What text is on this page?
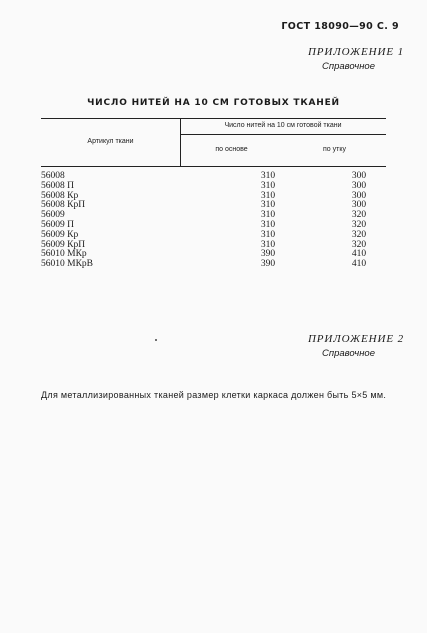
ГОСТ 18090—90 С. 9
ПРИЛОЖЕНИЕ 1
Справочное
ЧИСЛО НИТЕЙ НА 10 СМ ГОТОВЫХ ТКАНЕЙ
Артикул ткани
Число нитей на 10 см готовой ткани
по основе	по утку
56008	310	300
56008 П	310	300
56008 Кр	310	300
56008 КрП	310	300
56009	310	320
56009 П	310	320
56009 Кр	310	320
56009 КрП	310	320
56010 МКр	390	410
56010 МКрВ	390	410
ПРИЛОЖЕНИЕ 2
Справочное
Для металлизированных тканей размер клетки каркаса должен быть 5×5 мм.
